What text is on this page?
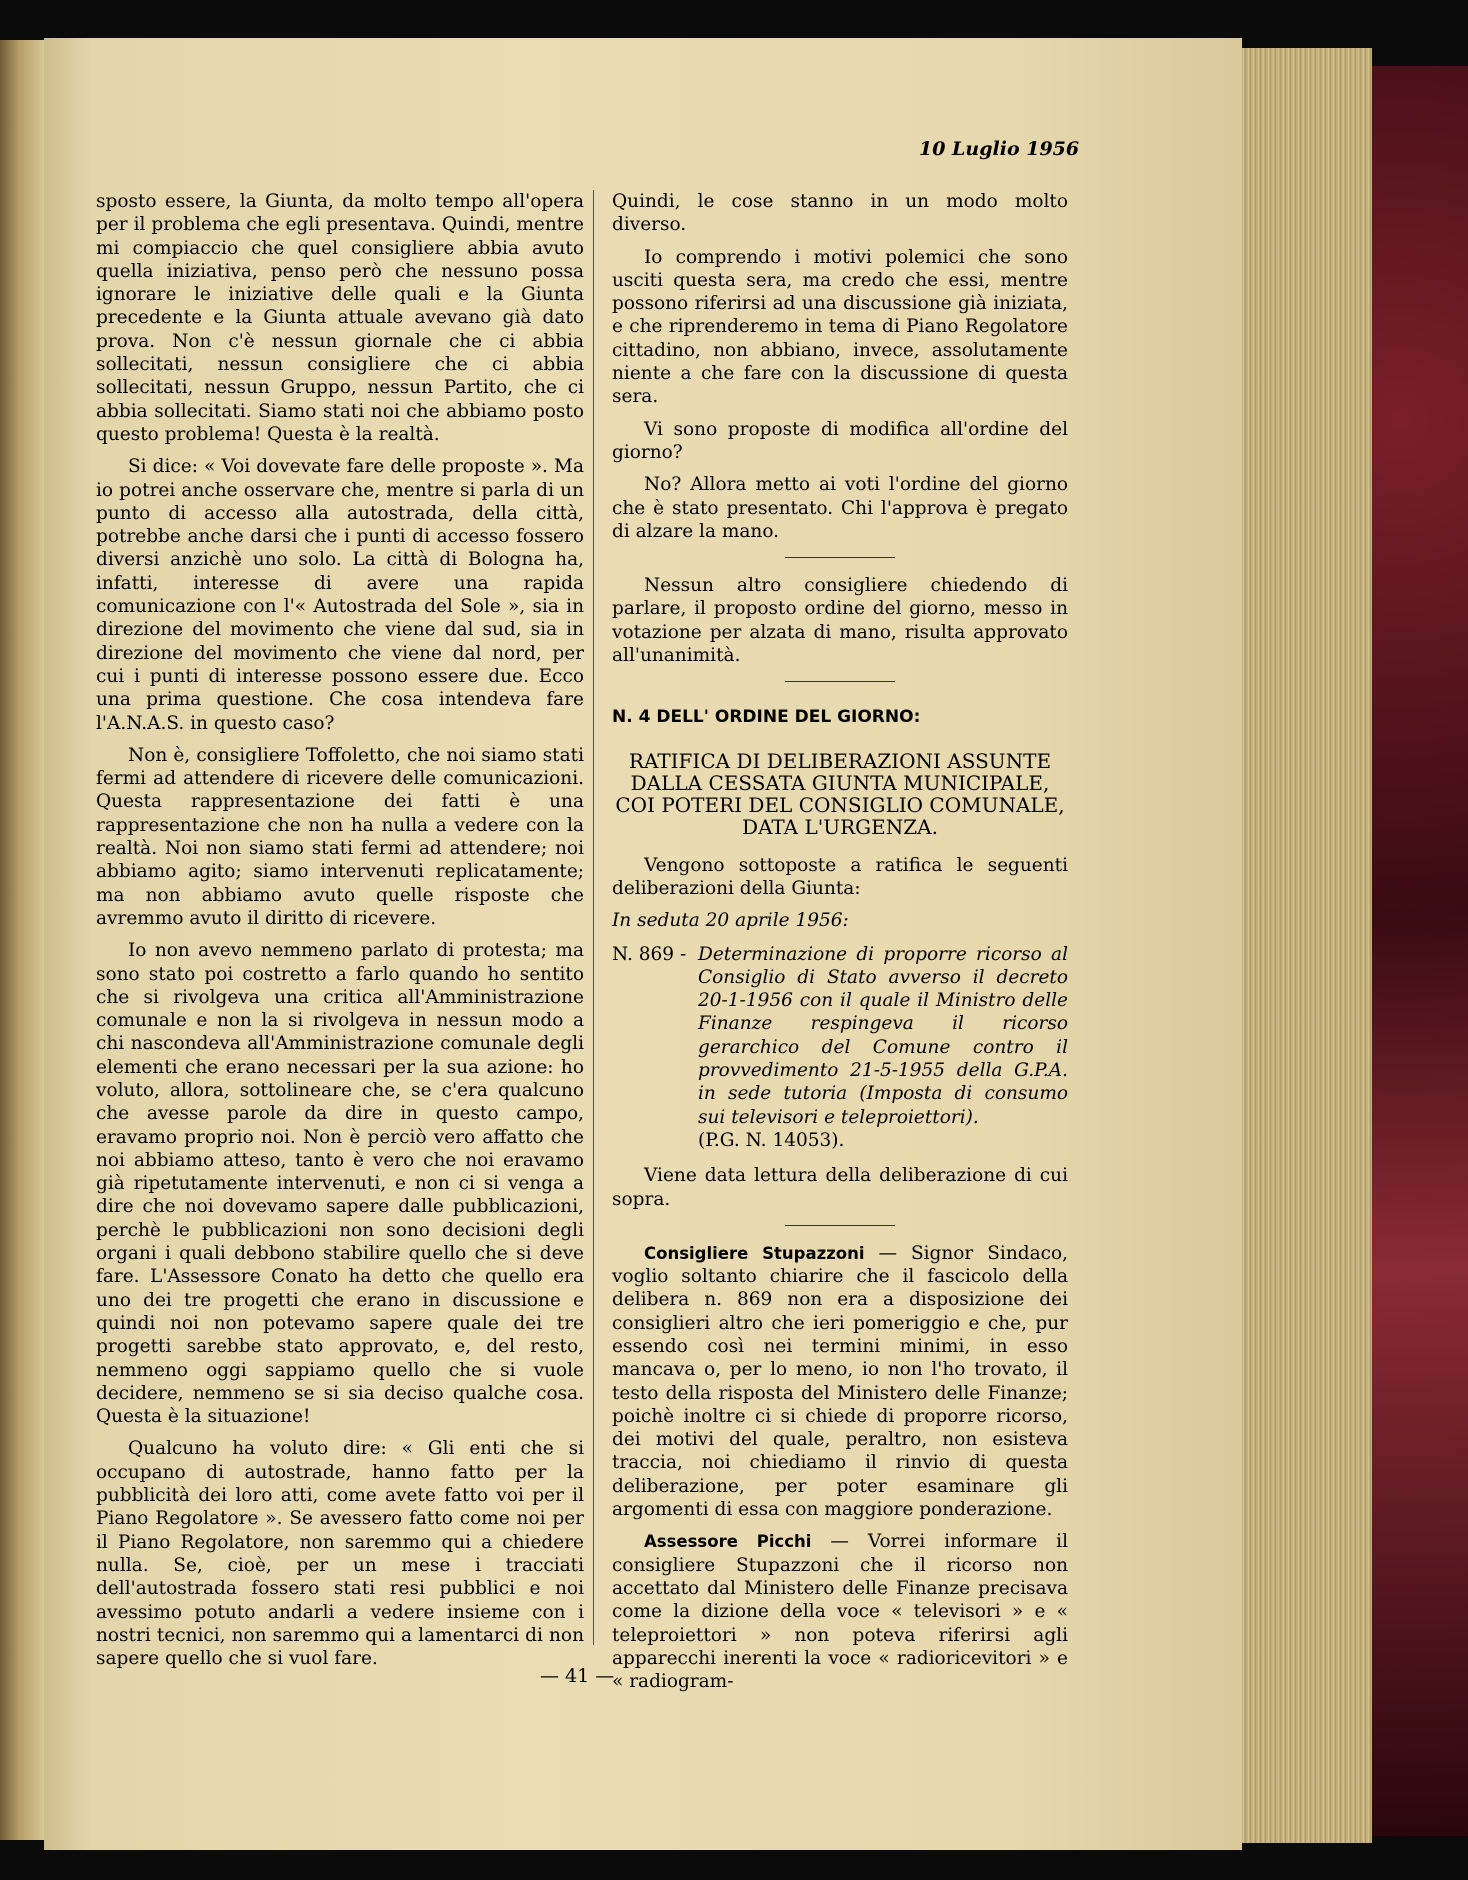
10 Luglio 1956

sposto essere, la Giunta, da molto tempo all'opera per il problema che egli presentava. Quindi, mentre mi compiaccio che quel consigliere abbia avuto quella iniziativa, penso però che nessuno possa ignorare le iniziative delle quali e la Giunta precedente e la Giunta attuale avevano già dato prova. Non c'è nessun giornale che ci abbia sollecitati, nessun consigliere che ci abbia sollecitati, nessun Gruppo, nessun Partito, che ci abbia sollecitati. Siamo stati noi che abbiamo posto questo problema! Questa è la realtà.

Si dice: « Voi dovevate fare delle proposte ». Ma io potrei anche osservare che, mentre si parla di un punto di accesso alla autostrada, della città, potrebbe anche darsi che i punti di accesso fossero diversi anzichè uno solo. La città di Bologna ha, infatti, interesse di avere una rapida comunicazione con l'« Autostrada del Sole », sia in direzione del movimento che viene dal sud, sia in direzione del movimento che viene dal nord, per cui i punti di interesse possono essere due. Ecco una prima questione. Che cosa intendeva fare l'A.N.A.S. in questo caso?

Non è, consigliere Toffoletto, che noi siamo stati fermi ad attendere di ricevere delle comunicazioni. Questa rappresentazione dei fatti è una rappresentazione che non ha nulla a vedere con la realtà. Noi non siamo stati fermi ad attendere; noi abbiamo agito; siamo intervenuti replicatamente; ma non abbiamo avuto quelle risposte che avremmo avuto il diritto di ricevere.

Io non avevo nemmeno parlato di protesta; ma sono stato poi costretto a farlo quando ho sentito che si rivolgeva una critica all'Amministrazione comunale e non la si rivolgeva in nessun modo a chi nascondeva all'Amministrazione comunale degli elementi che erano necessari per la sua azione: ho voluto, allora, sottolineare che, se c'era qualcuno che avesse parole da dire in questo campo, eravamo proprio noi. Non è perciò vero affatto che noi abbiamo atteso, tanto è vero che noi eravamo già ripetutamente intervenuti, e non ci si venga a dire che noi dovevamo sapere dalle pubblicazioni, perchè le pubblicazioni non sono decisioni degli organi i quali debbono stabilire quello che si deve fare. L'Assessore Conato ha detto che quello era uno dei tre progetti che erano in discussione e quindi noi non potevamo sapere quale dei tre progetti sarebbe stato approvato, e, del resto, nemmeno oggi sappiamo quello che si vuole decidere, nemmeno se si sia deciso qualche cosa. Questa è la situazione!

Qualcuno ha voluto dire: « Gli enti che si occupano di autostrade, hanno fatto per la pubblicità dei loro atti, come avete fatto voi per il Piano Regolatore ». Se avessero fatto come noi per il Piano Regolatore, non saremmo qui a chiedere nulla. Se, cioè, per un mese i tracciati dell'autostrada fossero stati resi pubblici e noi avessimo potuto andarli a vedere insieme con i nostri tecnici, non saremmo qui a lamentarci di non sapere quello che si vuol fare.

Quindi, le cose stanno in un modo molto diverso.

Io comprendo i motivi polemici che sono usciti questa sera, ma credo che essi, mentre possono riferirsi ad una discussione già iniziata, e che riprenderemo in tema di Piano Regolatore cittadino, non abbiano, invece, assolutamente niente a che fare con la discussione di questa sera.

Vi sono proposte di modifica all'ordine del giorno?

No? Allora metto ai voti l'ordine del giorno che è stato presentato. Chi l'approva è pregato di alzare la mano.

Nessun altro consigliere chiedendo di parlare, il proposto ordine del giorno, messo in votazione per alzata di mano, risulta approvato all'unanimità.

N. 4 DELL' ORDINE DEL GIORNO:
RATIFICA DI DELIBERAZIONI ASSUNTE DALLA CESSATA GIUNTA MUNICIPALE, COI POTERI DEL CONSIGLIO COMUNALE, DATA L'URGENZA.

Vengono sottoposte a ratifica le seguenti deliberazioni della Giunta:

In seduta 20 aprile 1956:
N. 869 - Determinazione di proporre ricorso al Consiglio di Stato avverso il decreto 20-1-1956 con il quale il Ministro delle Finanze respingeva il ricorso gerarchico del Comune contro il provvedimento 21-5-1955 della G.P.A. in sede tutoria (Imposta di consumo sui televisori e teleproiettori).
(P.G. N. 14053).

Viene data lettura della deliberazione di cui sopra.

Consigliere Stupazzoni — Signor Sindaco, voglio soltanto chiarire che il fascicolo della delibera n. 869 non era a disposizione dei consiglieri altro che ieri pomeriggio e che, pur essendo così nei termini minimi, in esso mancava o, per lo meno, io non l'ho trovato, il testo della risposta del Ministero delle Finanze; poichè inoltre ci si chiede di proporre ricorso, dei motivi del quale, peraltro, non esisteva traccia, noi chiediamo il rinvio di questa deliberazione, per poter esaminare gli argomenti di essa con maggiore ponderazione.

Assessore Picchi — Vorrei informare il consigliere Stupazzoni che il ricorso non accettato dal Ministero delle Finanze precisava come la dizione della voce « televisori » e « teleproiettori » non poteva riferirsi agli apparecchi inerenti la voce « radioricevitori » e « radiogram-

— 41 —
